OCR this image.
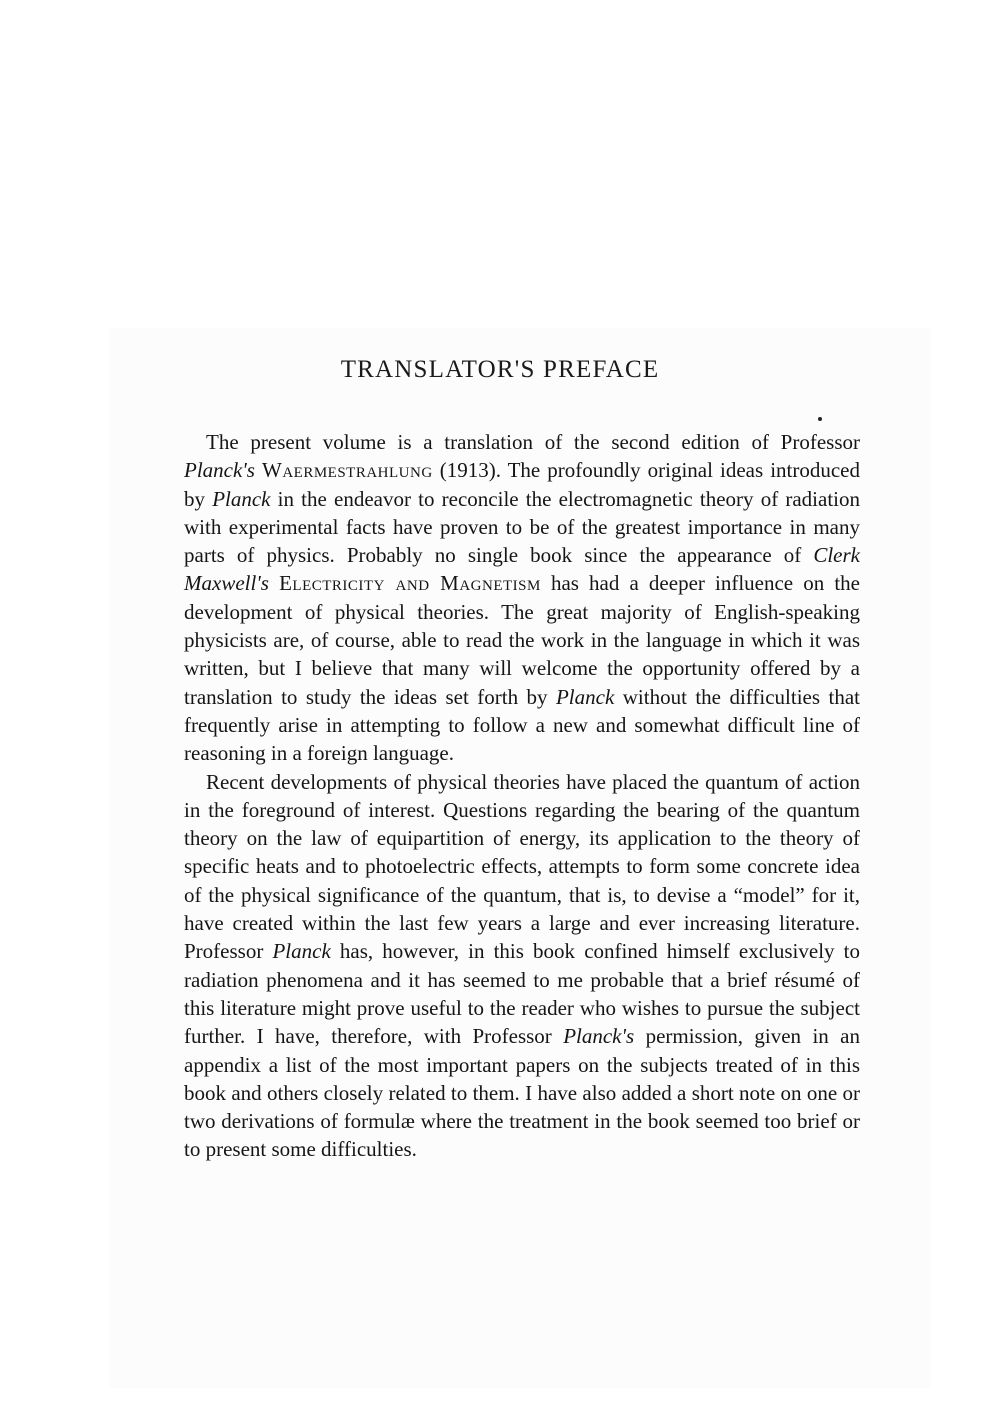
TRANSLATOR'S PREFACE

The present volume is a translation of the second edition of Professor Planck's Waermestrahlung (1913). The profoundly original ideas introduced by Planck in the endeavor to reconcile the electromagnetic theory of radiation with experimental facts have proven to be of the greatest importance in many parts of physics. Probably no single book since the appearance of Clerk Maxwell's Electricity and Magnetism has had a deeper influence on the development of physical theories. The great majority of English-speaking physicists are, of course, able to read the work in the language in which it was written, but I believe that many will welcome the opportunity offered by a translation to study the ideas set forth by Planck without the difficulties that frequently arise in attempting to follow a new and somewhat difficult line of reasoning in a foreign language.

Recent developments of physical theories have placed the quantum of action in the foreground of interest. Questions regarding the bearing of the quantum theory on the law of equipartition of energy, its application to the theory of specific heats and to photoelectric effects, attempts to form some concrete idea of the physical significance of the quantum, that is, to devise a “model” for it, have created within the last few years a large and ever increasing literature. Professor Planck has, however, in this book confined himself exclusively to radiation phenomena and it has seemed to me probable that a brief résumé of this literature might prove useful to the reader who wishes to pursue the subject further. I have, therefore, with Professor Planck's permission, given in an appendix a list of the most important papers on the subjects treated of in this book and others closely related to them. I have also added a short note on one or two derivations of formulæ where the treatment in the book seemed too brief or to present some difficulties.
